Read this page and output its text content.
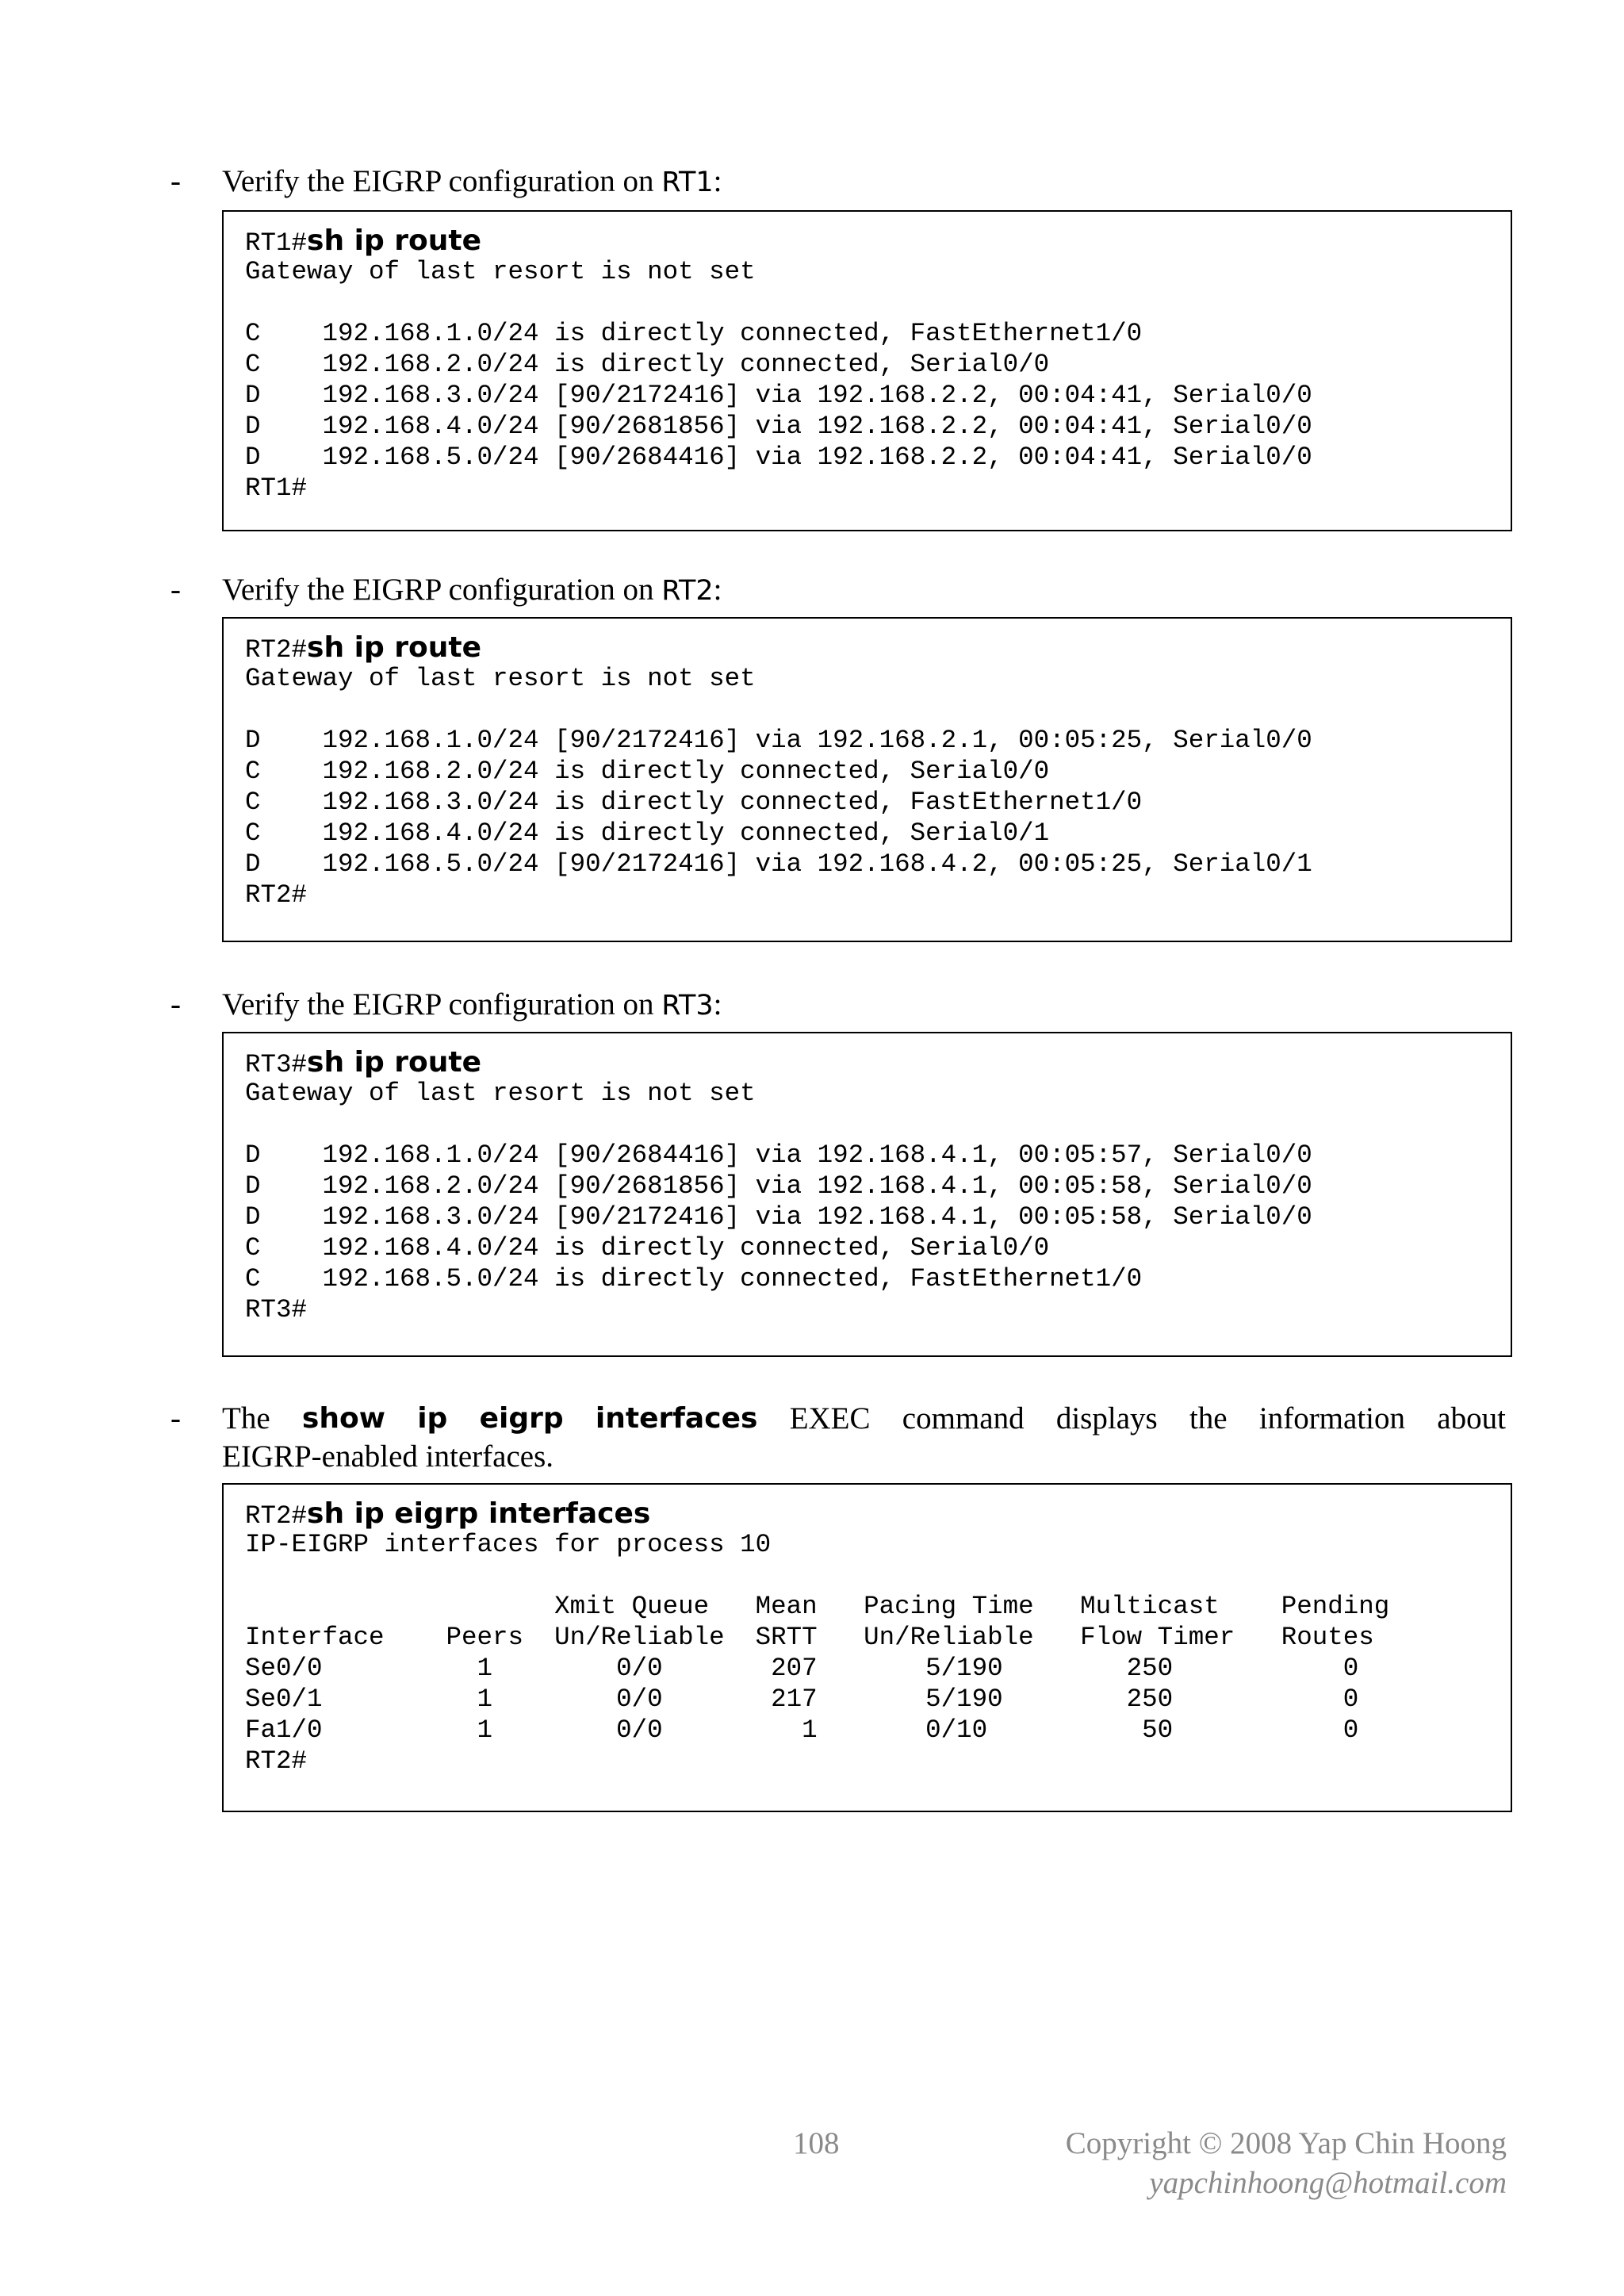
- Verify the EIGRP configuration on RT1:
RT1#sh ip route
Gateway of last resort is not set
C    192.168.1.0/24 is directly connected, FastEthernet1/0
C    192.168.2.0/24 is directly connected, Serial0/0
D    192.168.3.0/24 [90/2172416] via 192.168.2.2, 00:04:41, Serial0/0
D    192.168.4.0/24 [90/2681856] via 192.168.2.2, 00:04:41, Serial0/0
D    192.168.5.0/24 [90/2684416] via 192.168.2.2, 00:04:41, Serial0/0
RT1#
- Verify the EIGRP configuration on RT2:
RT2#sh ip route
Gateway of last resort is not set
D    192.168.1.0/24 [90/2172416] via 192.168.2.1, 00:05:25, Serial0/0
C    192.168.2.0/24 is directly connected, Serial0/0
C    192.168.3.0/24 is directly connected, FastEthernet1/0
C    192.168.4.0/24 is directly connected, Serial0/1
D    192.168.5.0/24 [90/2172416] via 192.168.4.2, 00:05:25, Serial0/1
RT2#
- Verify the EIGRP configuration on RT3:
RT3#sh ip route
Gateway of last resort is not set
D    192.168.1.0/24 [90/2684416] via 192.168.4.1, 00:05:57, Serial0/0
D    192.168.2.0/24 [90/2681856] via 192.168.4.1, 00:05:58, Serial0/0
D    192.168.3.0/24 [90/2172416] via 192.168.4.1, 00:05:58, Serial0/0
C    192.168.4.0/24 is directly connected, Serial0/0
C    192.168.5.0/24 is directly connected, FastEthernet1/0
RT3#
- The show ip eigrp interfaces EXEC command displays the information about
EIGRP-enabled interfaces.
RT2#sh ip eigrp interfaces
IP-EIGRP interfaces for process 10
Xmit Queue   Mean   Pacing Time   Multicast    Pending
Interface    Peers  Un/Reliable  SRTT   Un/Reliable   Flow Timer   Routes
Se0/0          1        0/0       207       5/190        250           0
Se0/1          1        0/0       217       5/190        250           0
Fa1/0          1        0/0         1       0/10          50           0
RT2#
108	Copyright © 2008 Yap Chin Hoong
yapchinhoong@hotmail.com
